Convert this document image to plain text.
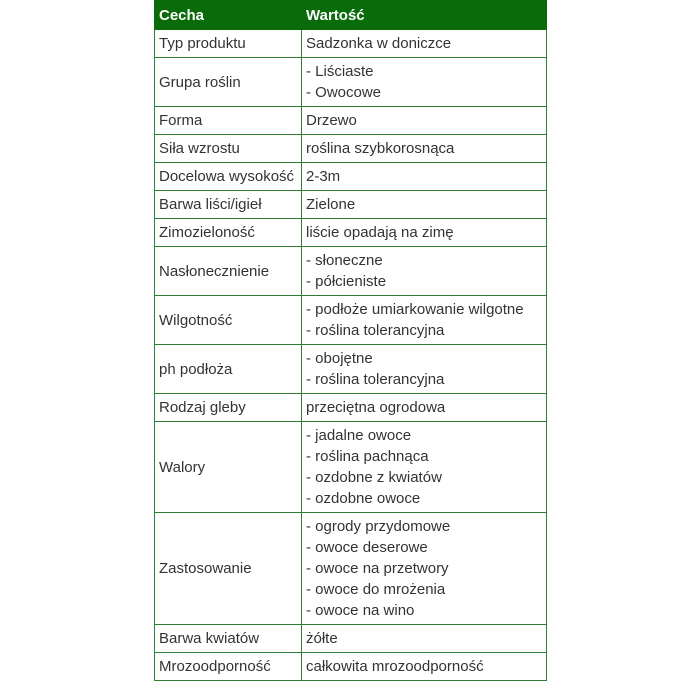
Cecha	Wartość
Typ produktu	Sadzonka w doniczce

Grupa roślin	- Liściaste
- Owocowe

Forma	Drzewo

Siła wzrostu	roślina szybkorosnąca

Docelowa wysokość	2-3m

Barwa liści/igieł	Zielone

Zimozieloność	liście opadają na zimę

Nasłonecznienie	- słoneczne
- półcieniste

Wilgotność	- podłoże umiarkowanie wilgotne
- roślina tolerancyjna

ph podłoża	- obojętne
- roślina tolerancyjna

Rodzaj gleby	przeciętna ogrodowa

Walory	- jadalne owoce
- roślina pachnąca
- ozdobne z kwiatów
- ozdobne owoce

Zastosowanie	- ogrody przydomowe
- owoce deserowe
- owoce na przetwory
- owoce do mrożenia
- owoce na wino

Barwa kwiatów	żółte

Mrozoodporność	całkowita mrozoodporność
